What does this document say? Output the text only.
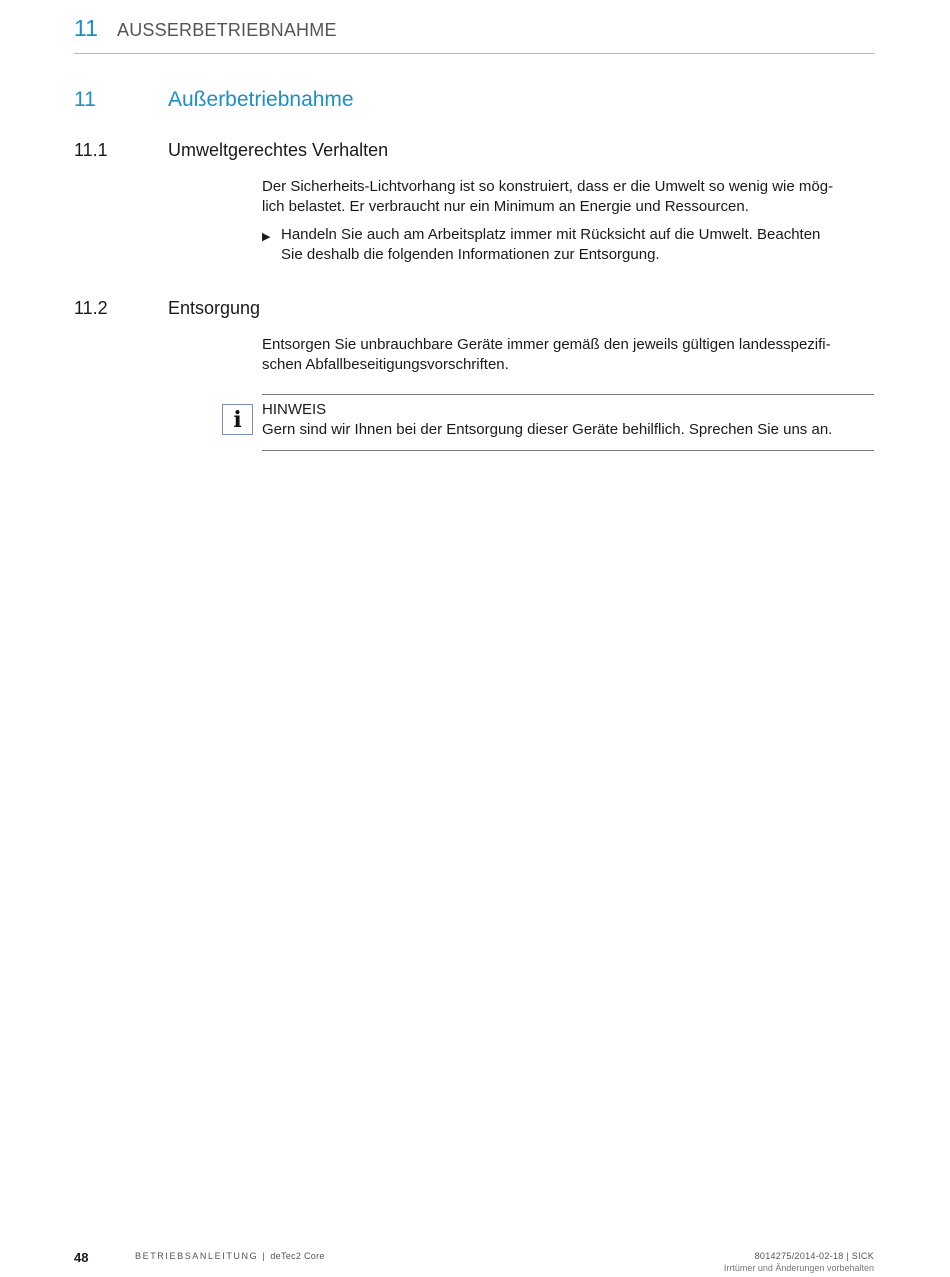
11 AUSSERBETRIEBNAHME
11	Außerbetriebnahme
11.1	Umweltgerechtes Verhalten
Der Sicherheits-Lichtvorhang ist so konstruiert, dass er die Umwelt so wenig wie mög-
lich belastet. Er verbraucht nur ein Minimum an Energie und Ressourcen.
▶ Handeln Sie auch am Arbeitsplatz immer mit Rücksicht auf die Umwelt. Beachten
Sie deshalb die folgenden Informationen zur Entsorgung.
11.2	Entsorgung
Entsorgen Sie unbrauchbare Geräte immer gemäß den jeweils gültigen landesspezifi-
schen Abfallbeseitigungsvorschriften.
i HINWEIS
Gern sind wir Ihnen bei der Entsorgung dieser Geräte behilflich. Sprechen Sie uns an.
48	BETRIEBSANLEITUNG | deTec2 Core	8014275/2014-02-18 | SICK
Irrtümer und Änderungen vorbehalten
